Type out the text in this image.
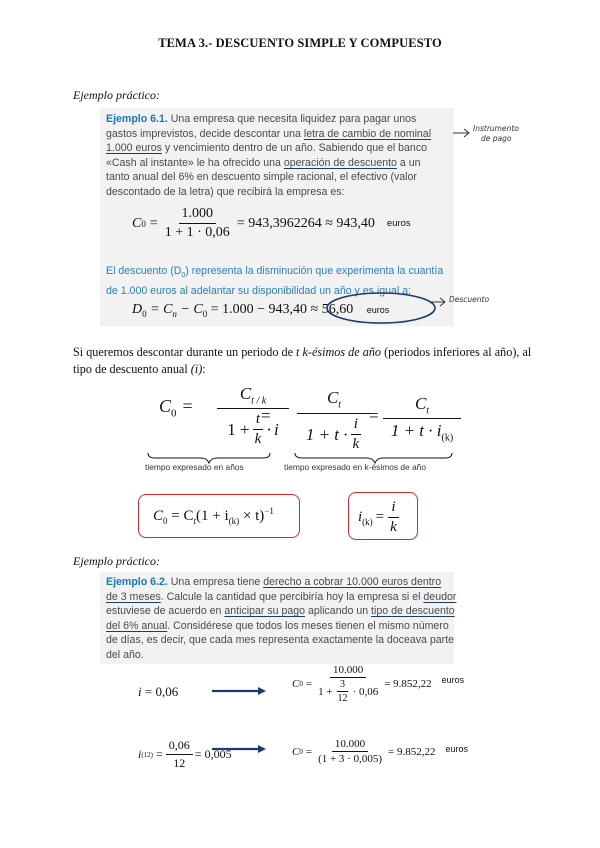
TEMA 3.- DESCUENTO SIMPLE Y COMPUESTO
Ejemplo práctico:
Ejemplo 6.1. Una empresa que necesita liquidez para pagar unos
gastos imprevistos, decide descontar una letra de cambio de nominal
1.000 euros y vencimiento dentro de un año. Sabiendo que el banco
«Cash al instante» le ha ofrecido una operación de descuento a un
tanto anual del 6% en descuento simple racional, el efectivo (valor
descontado de la letra) que recibirá la empresa es:
C $0 = \frac{1.000}{1 + 1 \cdot 0,06} = 943,3962264 \approx 943,40$ euros
El descuento $(D_0)$ representa la disminución que experimenta la cuantía
de 1.000 euros al adelantar su disponibilidad un año y es igual a:
$D_0 = C_n - C_0 = 1.000 - 943,40 \approx 56,60$ euros
Instrumento
de pago
Descuento
Si queremos descontar durante un periodo de t k-ésimos de año (periodos inferiores al año), al
tipo de descuento anual (i):
$C_0$ =
$C_{t / k}$
$1 + \frac{t}{k} \cdot i$
=
$C_t$
$1 + t \cdot \frac{i}{k}$
=
$C_t$
$1 + t \cdot i_{(k)}$
tiempo expresado en años	tiempo expresado en k-ésimos de año
$C_0 = C_t(1 + i_{(k)} \times t)^{-1}$	$i_{(k)} = \frac{i}{k}$
Ejemplo práctico:
Ejemplo 6.2. Una empresa tiene derecho a cobrar 10.000 euros dentro
de 3 meses. Calcule la cantidad que percibiría hoy la empresa si el deudor
estuviese de acuerdo en anticipar su pago aplicando un tipo de descuento
del 6% anual. Considérese que todos los meses tienen el mismo número
de días, es decir, que cada mes representa exactamente la doceava parte
del año.
i = 0,06	C $0 = \frac{10.000}{1 + \frac{3}{12} \cdot 0,06} = 9.852,22$ euros
i $(12) = \frac{0,06}{12} = 0,005$	C $0 = \frac{10.000}{(1 + 3 \cdot 0,005)} = 9.852,22$ euros
